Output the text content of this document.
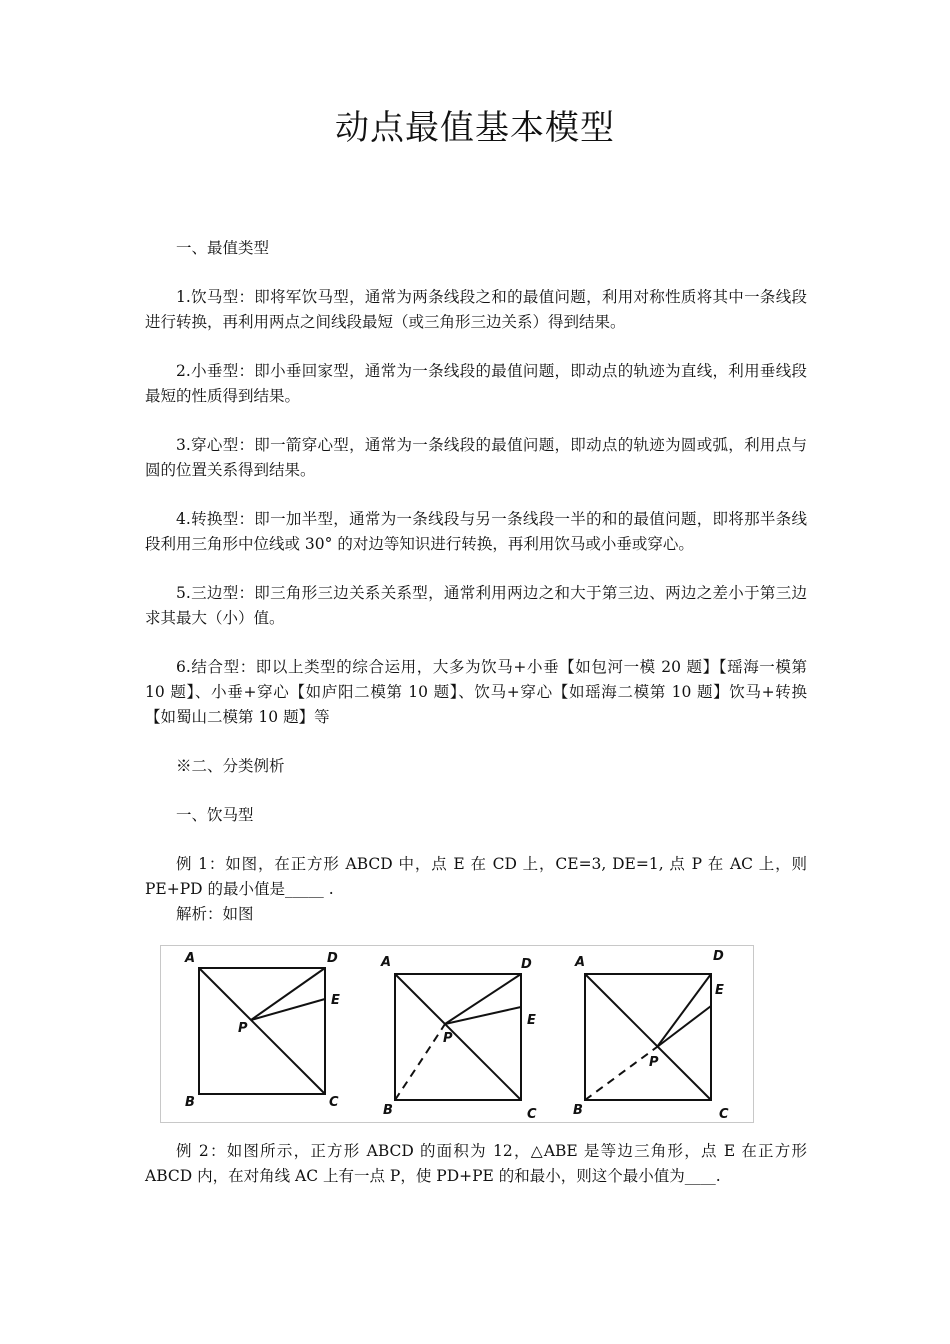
动点最值基本模型

一、最值类型

1.饮马型：即将军饮马型，通常为两条线段之和的最值问题，利用对称性质将其中一条线段进行转换，再利用两点之间线段最短（或三角形三边关系）得到结果。

2.小垂型：即小垂回家型，通常为一条线段的最值问题，即动点的轨迹为直线，利用垂线段最短的性质得到结果。

3.穿心型：即一箭穿心型，通常为一条线段的最值问题，即动点的轨迹为圆或弧，利用点与圆的位置关系得到结果。

4.转换型：即一加半型，通常为一条线段与另一条线段一半的和的最值问题，即将那半条线段利用三角形中位线或 30° 的对边等知识进行转换，再利用饮马或小垂或穿心。

5.三边型：即三角形三边关系关系型，通常利用两边之和大于第三边、两边之差小于第三边求其最大（小）值。

6.结合型：即以上类型的综合运用，大多为饮马+小垂【如包河一模 20 题】【瑶海一模第 10 题】、小垂+穿心【如庐阳二模第 10 题】、饮马+穿心【如瑶海二模第 10 题】饮马+转换【如蜀山二模第 10 题】等

※二、分类例析

一、饮马型

例 1：如图，在正方形 ABCD 中，点 E 在 CD 上，CE=3, DE=1, 点 P 在 AC 上，则 PE+PD 的最小值是_____ .

解析：如图

A	D
E
P
B	C
A	D
E
P
B	C
A	D
E
P
B	C

例 2：如图所示，正方形 ABCD 的面积为 12，△ABE 是等边三角形，点 E 在正方形 ABCD 内，在对角线 AC 上有一点 P，使 PD+PE 的和最小，则这个最小值为____.
